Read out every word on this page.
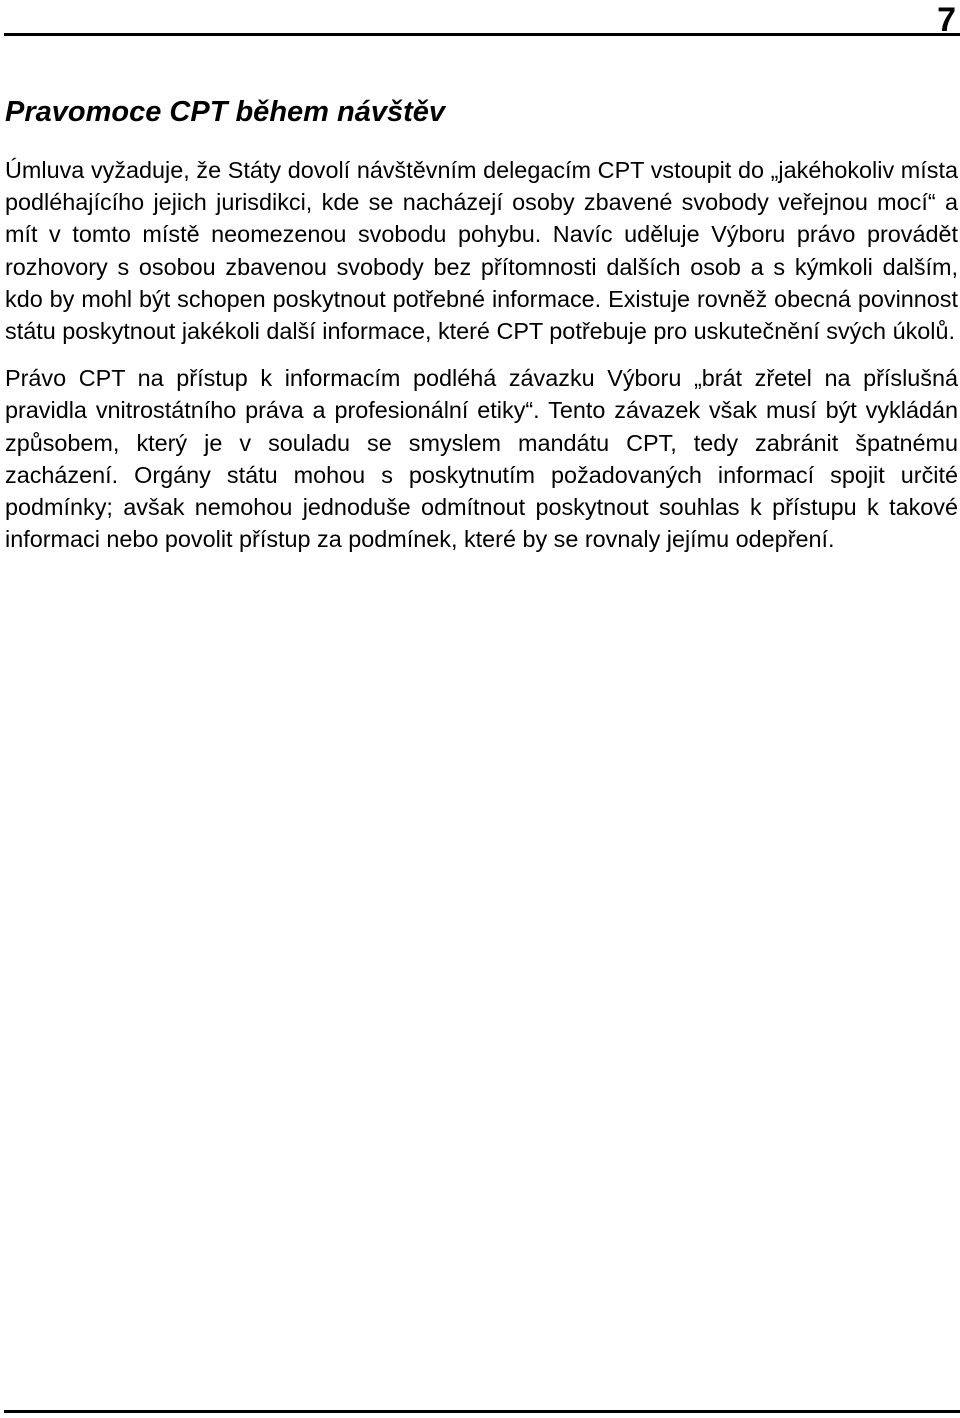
7
Pravomoce CPT během návštěv

Úmluva vyžaduje, že Státy dovolí návštěvním delegacím CPT vstoupit do „jakéhokoliv místa podléhajícího jejich jurisdikci, kde se nacházejí osoby zbavené svobody veřejnou mocí“ a mít v tomto místě neomezenou svobodu pohybu. Navíc uděluje Výboru právo provádět rozhovory s osobou zbavenou svobody bez přítomnosti dalších osob a s kýmkoli dalším, kdo by mohl být schopen poskytnout potřebné informace. Existuje rovněž obecná povinnost státu poskytnout jakékoli další informace, které CPT potřebuje pro uskutečnění svých úkolů.

Právo CPT na přístup k informacím podléhá závazku Výboru „brát zřetel na příslušná pravidla vnitrostátního práva a profesionální etiky“. Tento závazek však musí být vykládán způsobem, který je v souladu se smyslem mandátu CPT, tedy zabránit špatnému zacházení. Orgány státu mohou s poskytnutím požadovaných informací spojit určité podmínky; avšak nemohou jednoduše odmítnout poskytnout souhlas k přístupu k takové informaci nebo povolit přístup za podmínek, které by se rovnaly jejímu odepření.
